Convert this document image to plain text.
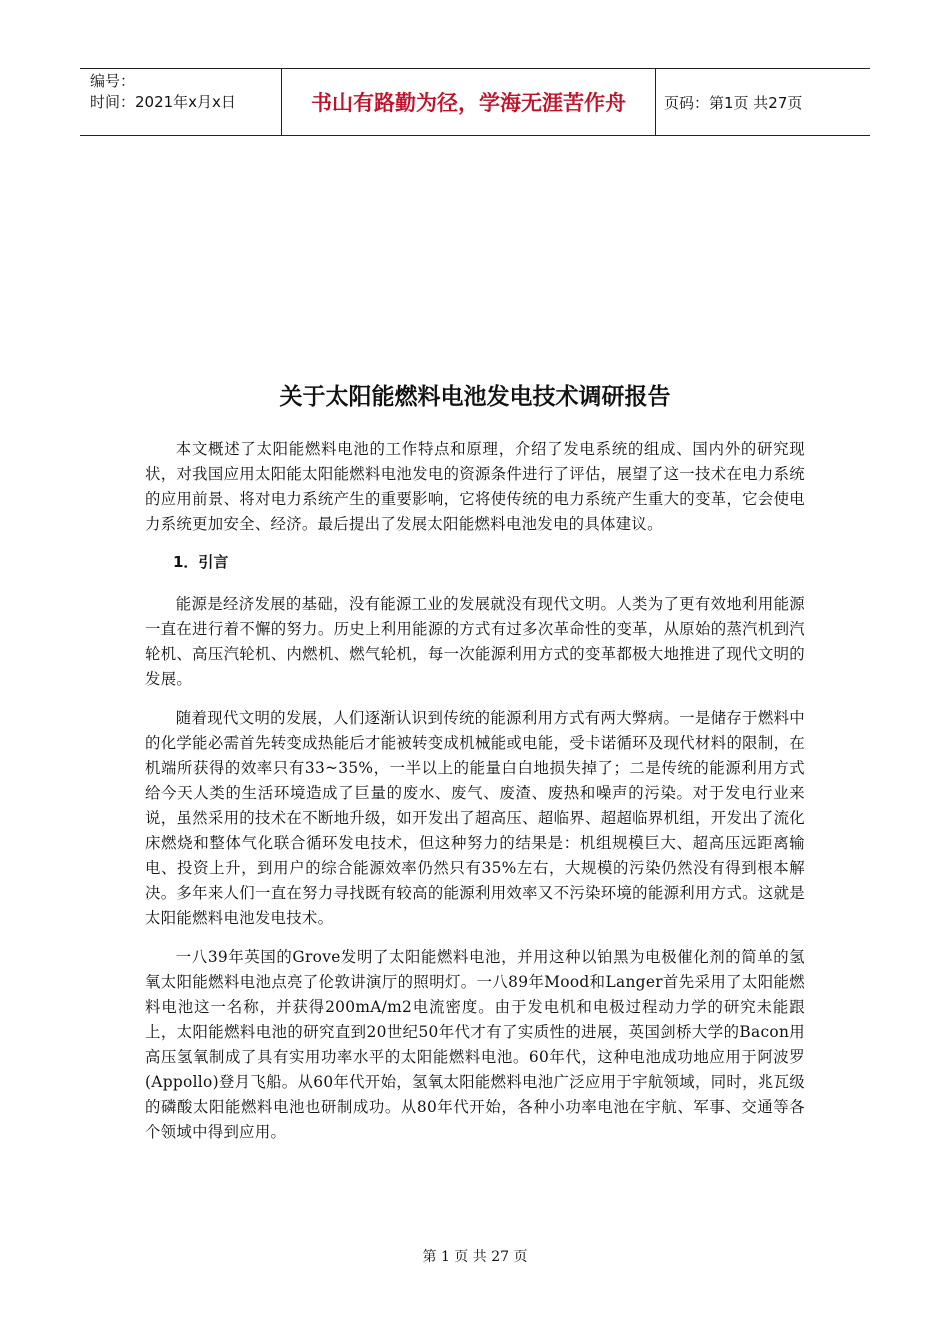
编号：
时间：2021年x月x日	书山有路勤为径，学海无涯苦作舟	页码：第1页 共27页
关于太阳能燃料电池发电技术调研报告

本文概述了太阳能燃料电池的工作特点和原理，介绍了发电系统的组成、国内外的研究现状，对我国应用太阳能太阳能燃料电池发电的资源条件进行了评估，展望了这一技术在电力系统的应用前景、将对电力系统产生的重要影响，它将使传统的电力系统产生重大的变革，它会使电力系统更加安全、经济。最后提出了发展太阳能燃料电池发电的具体建议。

1．引言

能源是经济发展的基础，没有能源工业的发展就没有现代文明。人类为了更有效地利用能源一直在进行着不懈的努力。历史上利用能源的方式有过多次革命性的变革，从原始的蒸汽机到汽轮机、高压汽轮机、内燃机、燃气轮机，每一次能源利用方式的变革都极大地推进了现代文明的发展。

随着现代文明的发展，人们逐渐认识到传统的能源利用方式有两大弊病。一是储存于燃料中的化学能必需首先转变成热能后才能被转变成机械能或电能，受卡诺循环及现代材料的限制，在机端所获得的效率只有33~35%，一半以上的能量白白地损失掉了；二是传统的能源利用方式给今天人类的生活环境造成了巨量的废水、废气、废渣、废热和噪声的污染。对于发电行业来说，虽然采用的技术在不断地升级，如开发出了超高压、超临界、超超临界机组，开发出了流化床燃烧和整体气化联合循环发电技术，但这种努力的结果是：机组规模巨大、超高压远距离输电、投资上升，到用户的综合能源效率仍然只有35%左右，大规模的污染仍然没有得到根本解决。多年来人们一直在努力寻找既有较高的能源利用效率又不污染环境的能源利用方式。这就是太阳能燃料电池发电技术。

一八39年英国的Grove发明了太阳能燃料电池，并用这种以铂黑为电极催化剂的简单的氢氧太阳能燃料电池点亮了伦敦讲演厅的照明灯。一八89年Mood和Langer首先采用了太阳能燃料电池这一名称，并获得200mA/m2电流密度。由于发电机和电极过程动力学的研究未能跟上，太阳能燃料电池的研究直到20世纪50年代才有了实质性的进展，英国剑桥大学的Bacon用高压氢氧制成了具有实用功率水平的太阳能燃料电池。60年代，这种电池成功地应用于阿波罗(Appollo)登月飞船。从60年代开始，氢氧太阳能燃料电池广泛应用于宇航领域，同时，兆瓦级的磷酸太阳能燃料电池也研制成功。从80年代开始，各种小功率电池在宇航、军事、交通等各个领域中得到应用。

第 1 页 共 27 页
